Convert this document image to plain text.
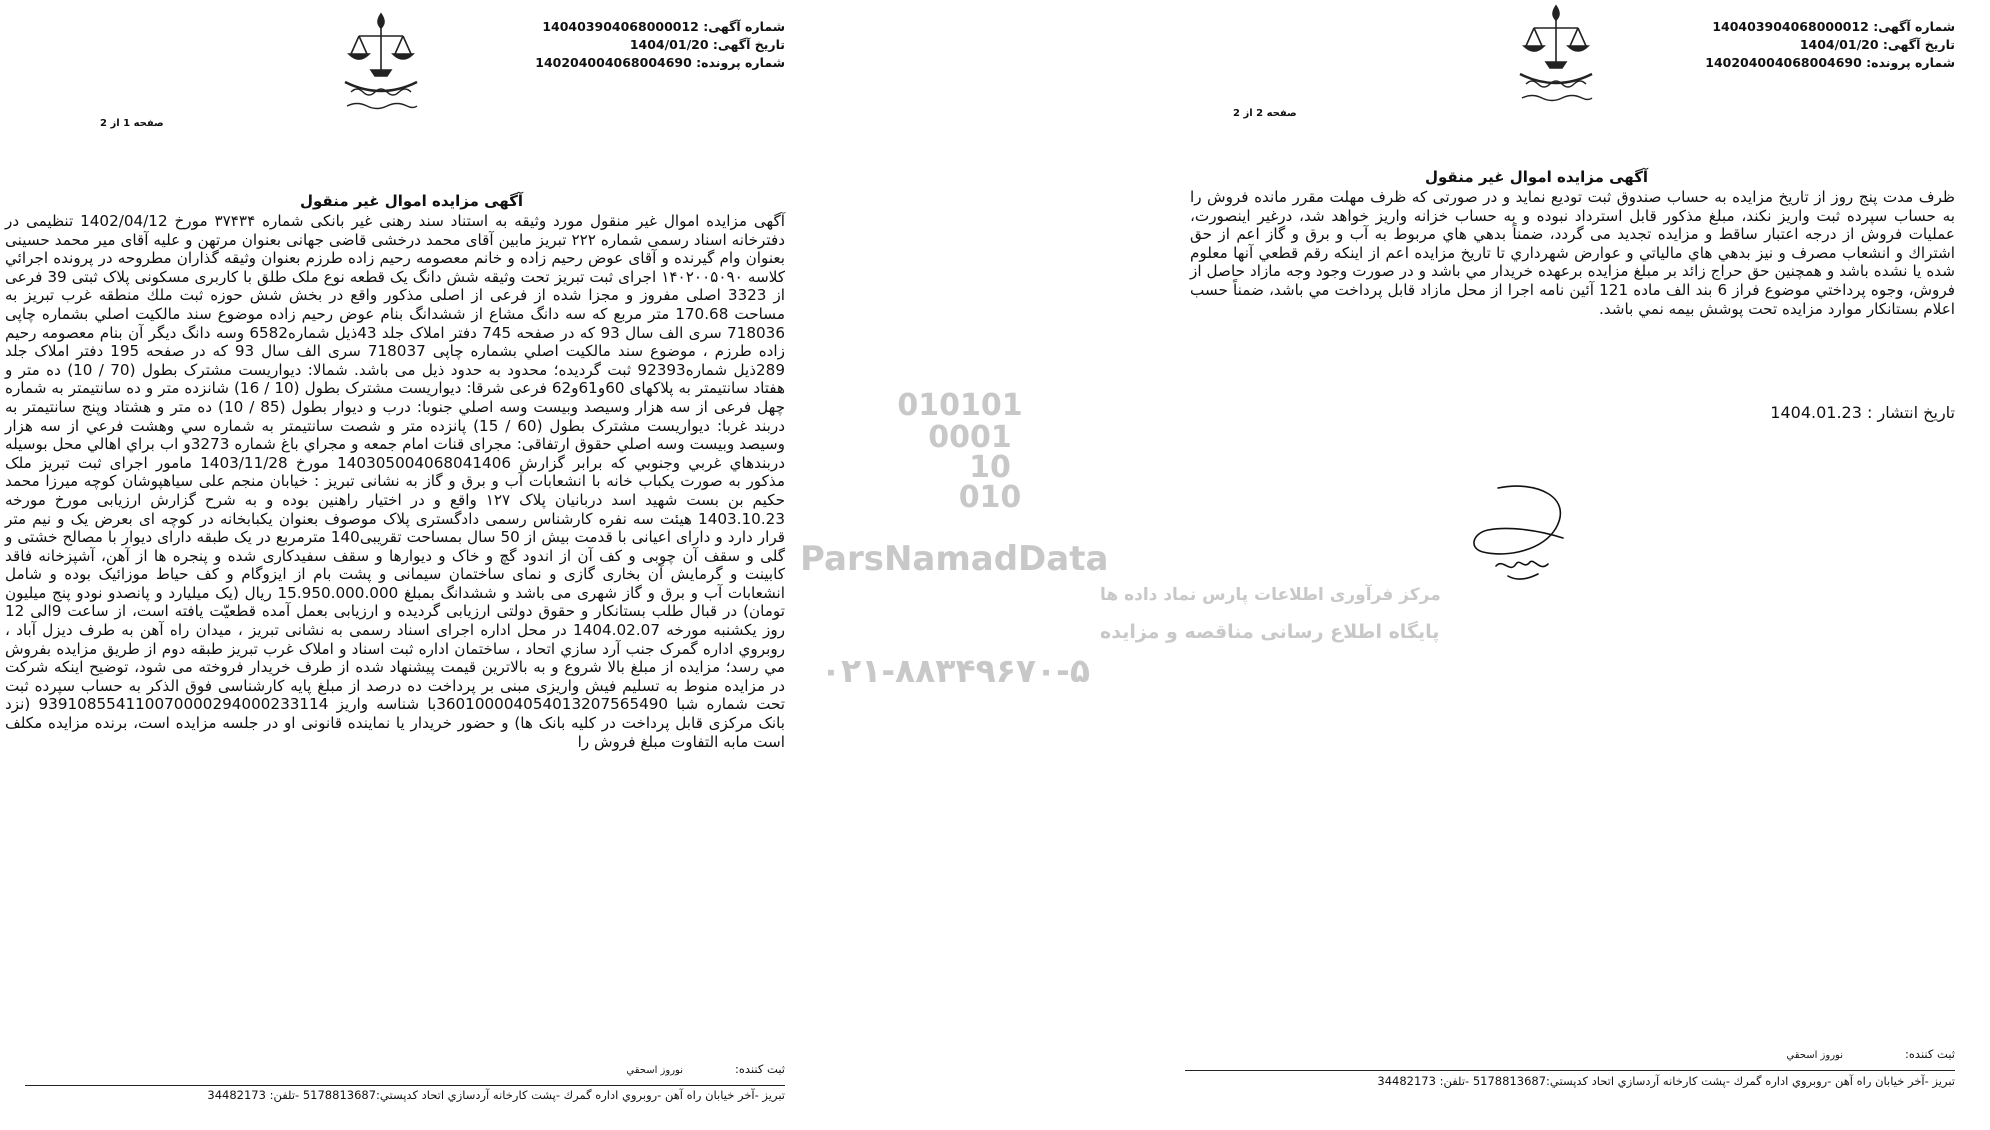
شماره آگهی: 140403904068000012
تاریخ آگهی: 1404/01/20
شماره پرونده: 140204004068004690
صفحه 1 از 2
آگهی مزایده اموال غیر منقول
آگهی مزایده اموال غیر منقول مورد وثیقه به استناد سند رهنی غیر بانکی شماره ۳۷۴۳۴ مورخ 1402/04/12 تنظیمی در دفترخانه اسناد رسمی شماره ۲۲۲ تبریز مابین آقای محمد درخشی قاضی جهانی بعنوان مرتهن و علیه آقای میر محمد حسینی بعنوان وام گیرنده و آقای عوض رحیم زاده و خانم معصومه رحیم زاده طرزم بعنوان وثیقه گذاران مطروحه در پرونده اجرائي كلاسه ۱۴۰۲۰۰۵۰۹۰ اجرای ثبت تبریز تحت وثیقه شش دانگ یک قطعه نوع ملک طلق با کاربری مسکونی پلاک ثبتی 39 فرعی از 3323 اصلی مفروز و مجزا شده از فرعی از اصلی مذکور واقع در بخش شش حوزه ثبت ملك منطقه غرب تبریز به مساحت 170.68 متر مربع که سه دانگ مشاع از ششدانگ بنام عوض رحیم زاده موضوع سند مالکیت اصلي بشماره چاپی 718036 سری الف سال 93 که در صفحه 745 دفتر املاک جلد 43ذیل شماره6582 وسه دانگ دیگر آن بنام معصومه رحیم زاده طرزم ، موضوع سند مالکیت اصلي بشماره چاپی 718037 سری الف سال 93 که در صفحه 195 دفتر املاک جلد 289ذیل شماره92393 ثبت گردیده؛ محدود به حدود ذیل می باشد. شمالا: دیواریست مشترک بطول (70 / 10) ده متر و هفتاد سانتیمتر به پلاکهای 60و61و62 فرعی شرقا: دیواریست مشترک بطول (10 / 16) شانزده متر و ده سانتیمتر به شماره چهل فرعی از سه هزار وسیصد وبیست وسه اصلي جنوبا: درب و دیوار بطول (85 / 10) ده متر و هشتاد وپنج سانتیمتر به دربند غربا: دیواریست مشترک بطول (60 / 15) پانزده متر و شصت سانتیمتر به شماره سي وهشت فرعي از سه هزار وسیصد وبیست وسه اصلي حقوق ارتفاقی: مجرای قنات امام جمعه و مجراي باغ شماره 3273و اب براي اهالي محل بوسيله دربندهاي غربي وجنوبي كه برابر گزارش 140305004068041406 مورخ 1403/11/28 مامور اجرای ثبت تبریز ملک مذکور به صورت یکباب خانه با انشعابات آب و برق و گاز به نشانی تبریز : خیابان منجم علی سیاهپوشان کوچه میرزا محمد حکیم بن بست شهید اسد دربانیان پلاک ۱۲۷ واقع و در اختیار راهنین بوده و به شرح گزارش ارزیابی مورخ مورخه 1403.10.23 هیئت سه نفره کارشناس رسمی دادگستری پلاک موصوف بعنوان یکبابخانه در کوچه ای بعرض یک و نیم متر قرار دارد و دارای اعیانی با قدمت بیش از 50 سال بمساحت تقریبی140 مترمربع در یک طبقه دارای دیوار با مصالح خشتی و گلی و سقف آن چوبی و کف آن از اندود گچ و خاک و دیوارها و سقف سفیدکاری شده و پنجره ها از آهن، آشپزخانه فاقد کابینت و گرمایش آن بخاری گازی و نمای ساختمان سیمانی و پشت بام از ایزوگام و کف حیاط موزائیک بوده و شامل انشعابات آب و برق و گاز شهری می باشد و ششدانگ بمبلغ 15.950.000.000 ریال (یک میلیارد و پانصدو نودو پنج میلیون تومان) در قبال طلب بستانکار و حقوق دولتی ارزیابی گردیده و ارزیابی بعمل آمده قطعیّت یافته است، از ساعت 9الی 12 روز یکشنبه مورخه 1404.02.07 در محل اداره اجرای اسناد رسمی به نشانی تبریز ، میدان راه آهن به طرف دیزل آباد ، روبروي اداره گمرک جنب آرد سازي اتحاد ، ساختمان اداره ثبت اسناد و املاک غرب تبریز طبقه دوم از طريق مزايده بفروش مي رسد؛ مزایده از مبلغ بالا شروع و به بالاترین قیمت پیشنهاد شده از طرف خریدار فروخته می شود، توضیح اینکه شرکت در مزایده منوط به تسلیم فیش واریزی مبنی بر پرداخت ده درصد از مبلغ پایه کارشناسی فوق الذکر به حساب سپرده ثبت تحت شماره شبا 360100004054013207565490با شناسه واریز 939108554110070000294000233114 (نزد بانک مرکزی قابل پرداخت در کلیه بانک ها) و حضور خریدار یا نماینده قانونی او در جلسه مزایده است، برنده مزایده مکلف است مابه التفاوت مبلغ فروش را
ثبت كننده:
نوروز اسحقي
تبريز -آخر خيابان راه آهن -روبروي اداره گمرك -پشت كارخانه آردسازي اتحاد كدپستي:5178813687 -تلفن: 34482173
010101
0001
10
010
ParsNamadData
مرکز فرآوری اطلاعات پارس نماد داده ها
پایگاه اطلاع رسانی مناقصه و مزایده
۰۲۱-۸۸۳۴۹۶۷۰-۵
شماره آگهی: 140403904068000012
تاریخ آگهی: 1404/01/20
شماره پرونده: 140204004068004690
صفحه 2 از 2
آگهی مزایده اموال غیر منقول
ظرف مدت پنج روز از تاریخ مزایده به حساب صندوق ثبت تودیع نماید و در صورتی که ظرف مهلت مقرر مانده فروش را به حساب سپرده ثبت واریز نکند، مبلغ مذکور قابل استرداد نبوده و به حساب خزانه واریز خواهد شد، درغیر اینصورت، عملیات فروش از درجه اعتبار ساقط و مزایده تجدید می گردد، ضمناً بدهي هاي مربوط به آب و برق و گاز اعم از حق اشتراك و انشعاب مصرف و نيز بدهي هاي مالياتي و عوارض شهرداري تا تاريخ مزايده اعم از اينكه رقم قطعي آنها معلوم شده يا نشده باشد و همچنين حق حراج زائد بر مبلغ مزايده برعهده خريدار مي باشد و در صورت وجود وجه مازاد حاصل از فروش، وجوه پرداختي موضوع فراز 6 بند الف ماده 121 آئين نامه اجرا از محل مازاد قابل پرداخت مي باشد، ضمناً حسب اعلام بستانكار موارد مزايده تحت پوشش بيمه نمي باشد.
تاريخ انتشار : 1404.01.23
ثبت كننده:
نوروز اسحقي
تبريز -آخر خيابان راه آهن -روبروي اداره گمرك -پشت كارخانه آردسازي اتحاد كدپستي:5178813687 -تلفن: 34482173
